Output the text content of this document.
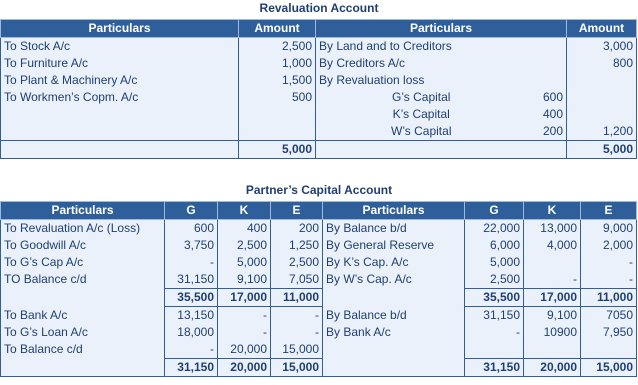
Revaluation Account
Particulars	Amount	Particulars		Amount
To Stock A/c	2,500	By Land and to Creditors		3,000
To Furniture A/c	1,000	By Creditors A/c		800
To Plant & Machinery A/c	1,500	By Revaluation loss		
To Workmen’s Copm. A/c	500	G’s Capital	600	
		K’s Capital	400	
		W’s Capital	200	1,200
	5,000			5,000
Partner’s Capital Account
Particulars	G	K	E	Particulars	G	K	E
To Revaluation A/c (Loss)	600	400	200	By Balance b/d	22,000	13,000	9,000
To Goodwill A/c	3,750	2,500	1,250	By General Reserve	6,000	4,000	2,000
To G’s Cap A/c	-	5,000	2,500	By K’s Cap. A/c	5,000		-
TO Balance c/d	31,150	9,100	7,050	By W’s Cap. A/c	2,500	-	-
	35,500	17,000	11,000		35,500	17,000	11,000
To Bank A/c	13,150	-	-	By Balance b/d	31,150	9,100	7050
To G’s Loan A/c	18,000	-	-	By Bank A/c	-	10900	7,950
To Balance c/d	-	20,000	15,000				
	31,150	20,000	15,000		31,150	20,000	15,000
